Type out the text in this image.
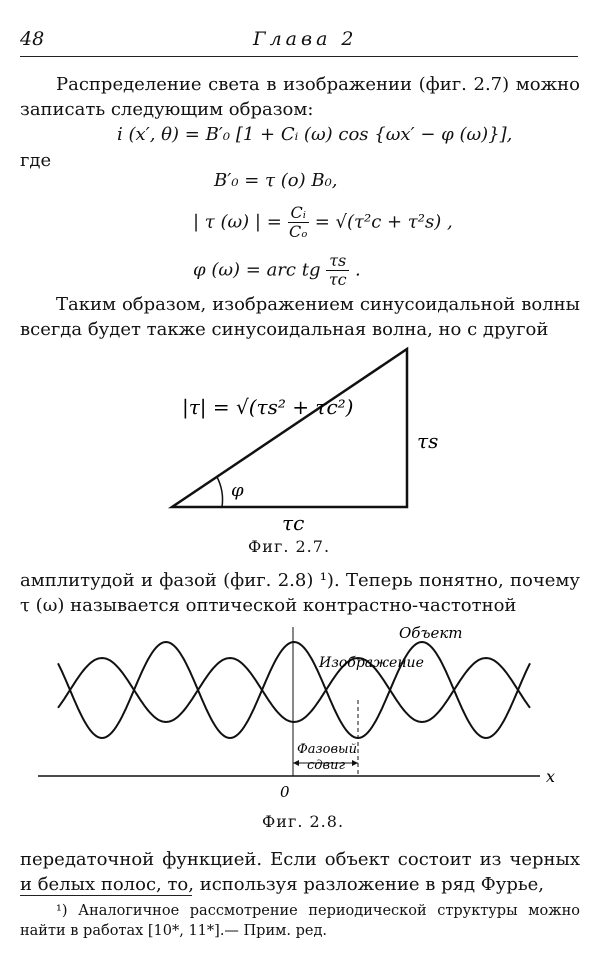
48	Глава 2
Распределение света в изображении (фиг. 2.7) можно записать следующим образом:
i (x′, θ) = B′₀ [1 + Cᵢ (ω) cos {ωx′ − φ (ω)}],
где
B′₀ = τ (o) B₀,
| τ (ω) | = $\frac{\text{Cᵢ}}{\text{Cₒ}} = √(\tau^2c + \tau^2s)$ ,
φ (ω) = arc tg $\frac{\tau s}{\tau c}$ .
Таким образом, изображением синусоидальной волны всегда будет также синусоидальная волна, но с другой
|τ| = √(τs² + τc²)
τs
τc
φ
Фиг. 2.7.
амплитудой и фазой (фиг. 2.8) ¹). Теперь понятно, почему τ (ω) называется оптической контрастно-частотной
Объект
Изображение
Фазовый
сдвиг
0
x
Фиг. 2.8.
передаточной функцией. Если объект состоит из черных и белых полос, то, используя разложение в ряд Фурье,
¹) Аналогичное рассмотрение периодической структуры можно найти в работах [10*, 11*].— Прим. ред.
